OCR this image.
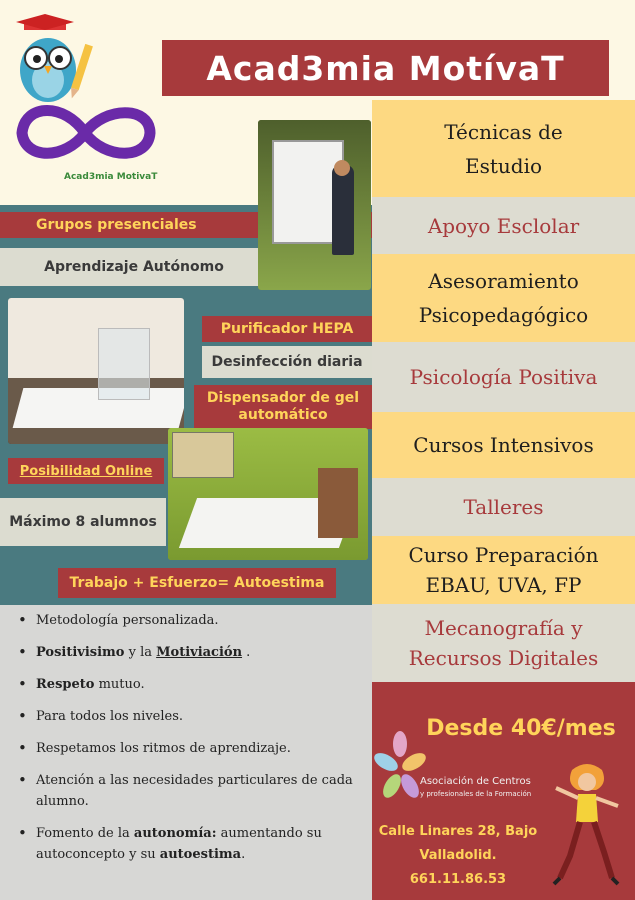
Acad3mia MotivaT
Acad3mia MotívaT
Grupos presenciales
Aprendizaje Autónomo
Purificador HEPA
Desinfección diaria
Dispensador de gel automático
Posibilidad Online
Máximo 8 alumnos
Trabajo + Esfuerzo= Autoestima
• Metodología personalizada.
• Positivisimo y la Motiviación .
• Respeto mutuo.
• Para todos los niveles.
• Respetamos los ritmos de aprendizaje.
• Atención a las necesidades particulares de cada alumno.
• Fomento de la autonomía: aumentando su autoconcepto y su autoestima.
Técnicas de Estudio
Apoyo Esclolar
Asesoramiento Psicopedagógico
Psicología Positiva
Cursos Intensivos
Talleres
Curso Preparación EBAU, UVA, FP
Mecanografía y Recursos Digitales
Desde 40€/mes
Asociación de Centros
y profesionales de la Formación
Calle Linares 28, Bajo
Valladolid.
661.11.86.53
